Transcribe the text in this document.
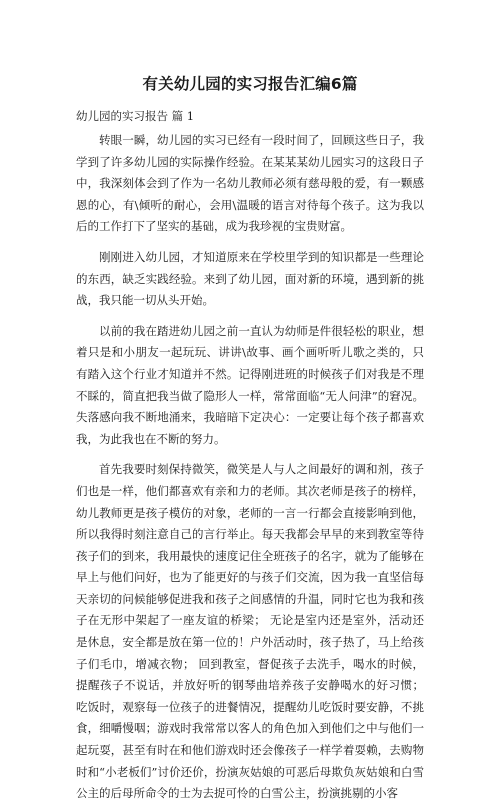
有关幼儿园的实习报告汇编6篇

幼儿园的实习报告 篇 1

转眼一瞬，幼儿园的实习已经有一段时间了，回顾这些日子，我学到了许多幼儿园的实际操作经验。在某某某幼儿园实习的这段日子中，我深刻体会到了作为一名幼儿教师必须有慈母般的爱，有一颗感恩的心，有\倾听的耐心，会用\温暖的语言对待每个孩子。这为我以后的工作打下了坚实的基础，成为我珍视的宝贵财富。

刚刚进入幼儿园，才知道原来在学校里学到的知识都是一些理论的东西，缺乏实践经验。来到了幼儿园，面对新的环境，遇到新的挑战，我只能一切从头开始。

以前的我在踏进幼儿园之前一直认为幼师是件很轻松的职业，想着只是和小朋友一起玩玩、讲讲\故事、画个画听听儿歌之类的，只有踏入这个行业才知道并不然。记得刚进班的时候孩子们对我是不理不睬的，简直把我当做了隐形人一样，常常面临“无人问津”的窘况。失落感向我不断地涌来，我暗暗下定决心：一定要让每个孩子都喜欢我，为此我也在不断的努力。

首先我要时刻保持微笑，微笑是人与人之间最好的调和剂，孩子们也是一样，他们都喜欢有亲和力的老师。其次老师是孩子的榜样，幼儿教师更是孩子模仿的对象，老师的一言一行都会直接影响到他，所以我得时刻注意自己的言行举止。每天我都会早早的来到教室等待孩子们的到来，我用最快的速度记住全班孩子的名字，就为了能够在早上与他们问好，也为了能更好的与孩子们交流，因为我一直坚信每天亲切的问候能够促进我和孩子之间感情的升温，同时它也为我和孩子在无形中架起了一座友谊的桥梁； 无论是室内还是室外，活动还是休息，安全都是放在第一位的！户外活动时，孩子热了，马上给孩子们毛巾，增减衣物； 回到教室，督促孩子去洗手，喝水的时候，提醒孩子不说话，并放好听的钢琴曲培养孩子安静喝水的好习惯； 吃饭时，观察每一位孩子的进餐情况，提醒幼儿吃饭时要安静，不挑食，细嚼慢咽；游戏时我常常以客人的角色加入到他们之中与他们一起玩耍，甚至有时在和他们游戏时还会像孩子一样学着耍赖，去购物时和“小老板们”讨价还价，扮演灰姑娘的可恶后母欺负灰姑娘和白雪公主的后母所命令的士为去捉可怜的白雪公主，扮演挑剔的小客
